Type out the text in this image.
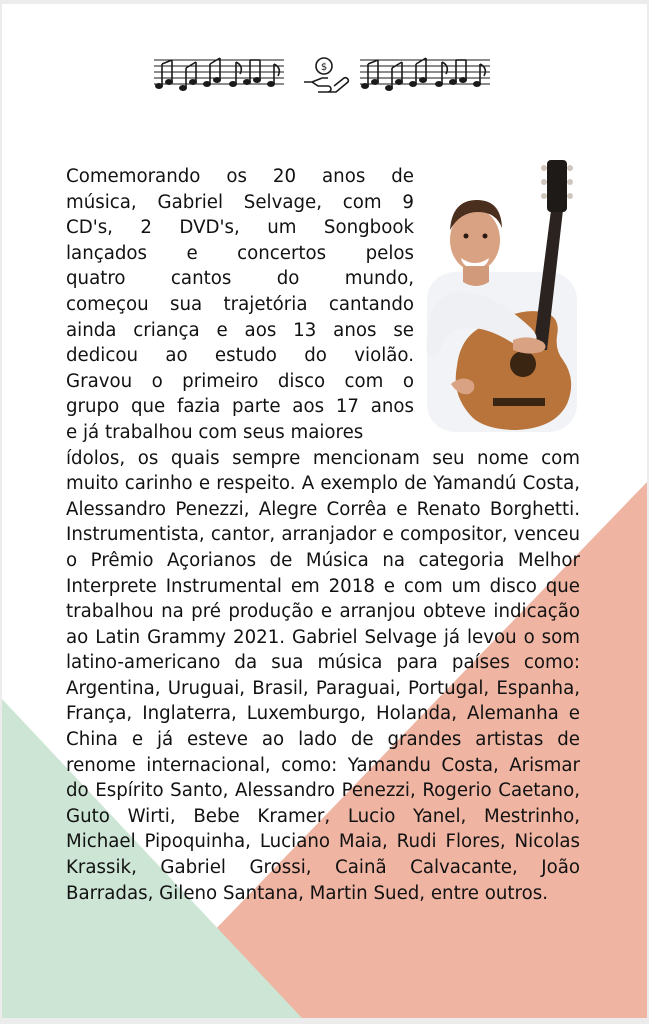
$
Comemorando os 20 anos de
música, Gabriel Selvage, com 9
CD's, 2 DVD's, um Songbook
lançados e concertos pelos
quatro cantos do mundo,
começou sua trajetória cantando
ainda criança e aos 13 anos se
dedicou ao estudo do violão.
Gravou o primeiro disco com o
grupo que fazia parte aos 17 anos
e já trabalhou com seus maiores

ídolos, os quais sempre mencionam seu nome com muito carinho e respeito. A exemplo de Yamandú Costa, Alessandro Penezzi, Alegre Corrêa e Renato Borghetti. Instrumentista, cantor, arranjador e compositor, venceu o Prêmio Açorianos de Música na categoria Melhor Interprete Instrumental em 2018 e com um disco que trabalhou na pré produção e arranjou obteve indicação ao Latin Grammy 2021. Gabriel Selvage já levou o som latino-americano da sua música para países como: Argentina, Uruguai, Brasil, Paraguai, Portugal, Espanha, França, Inglaterra, Luxemburgo, Holanda, Alemanha e China e já esteve ao lado de grandes artistas de renome internacional, como: Yamandu Costa, Arismar do Espírito Santo, Alessandro Penezzi, Rogerio Caetano, Guto Wirti, Bebe Kramer, Lucio Yanel, Mestrinho, Michael Pipoquinha, Luciano Maia, Rudi Flores, Nicolas Krassik, Gabriel Grossi, Cainã Calvacante, João Barradas, Gileno Santana, Martin Sued, entre outros.
